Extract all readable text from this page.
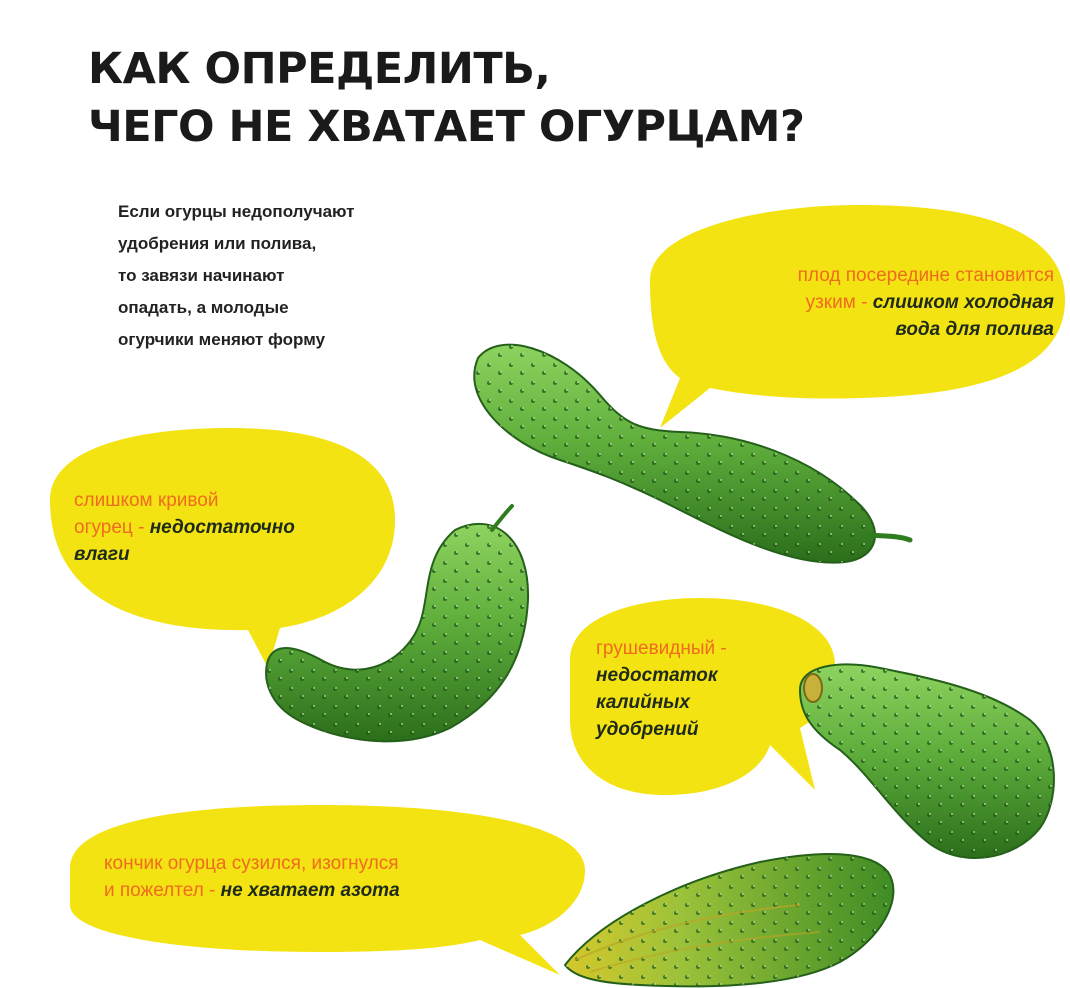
КАК ОПРЕДЕЛИТЬ,
ЧЕГО НЕ ХВАТАЕТ ОГУРЦАМ?
Если огурцы недополучают
удобрения или полива,
то завязи начинают
опадать, а молодые
огурчики меняют форму
плод посередине становится
узким - слишком холодная
вода для полива
слишком кривой
огурец - недостаточно
влаги
грушевидный -
недостаток
калийных
удобрений
кончик огурца сузился, изогнулся
и пожелтел - не хватает азота
